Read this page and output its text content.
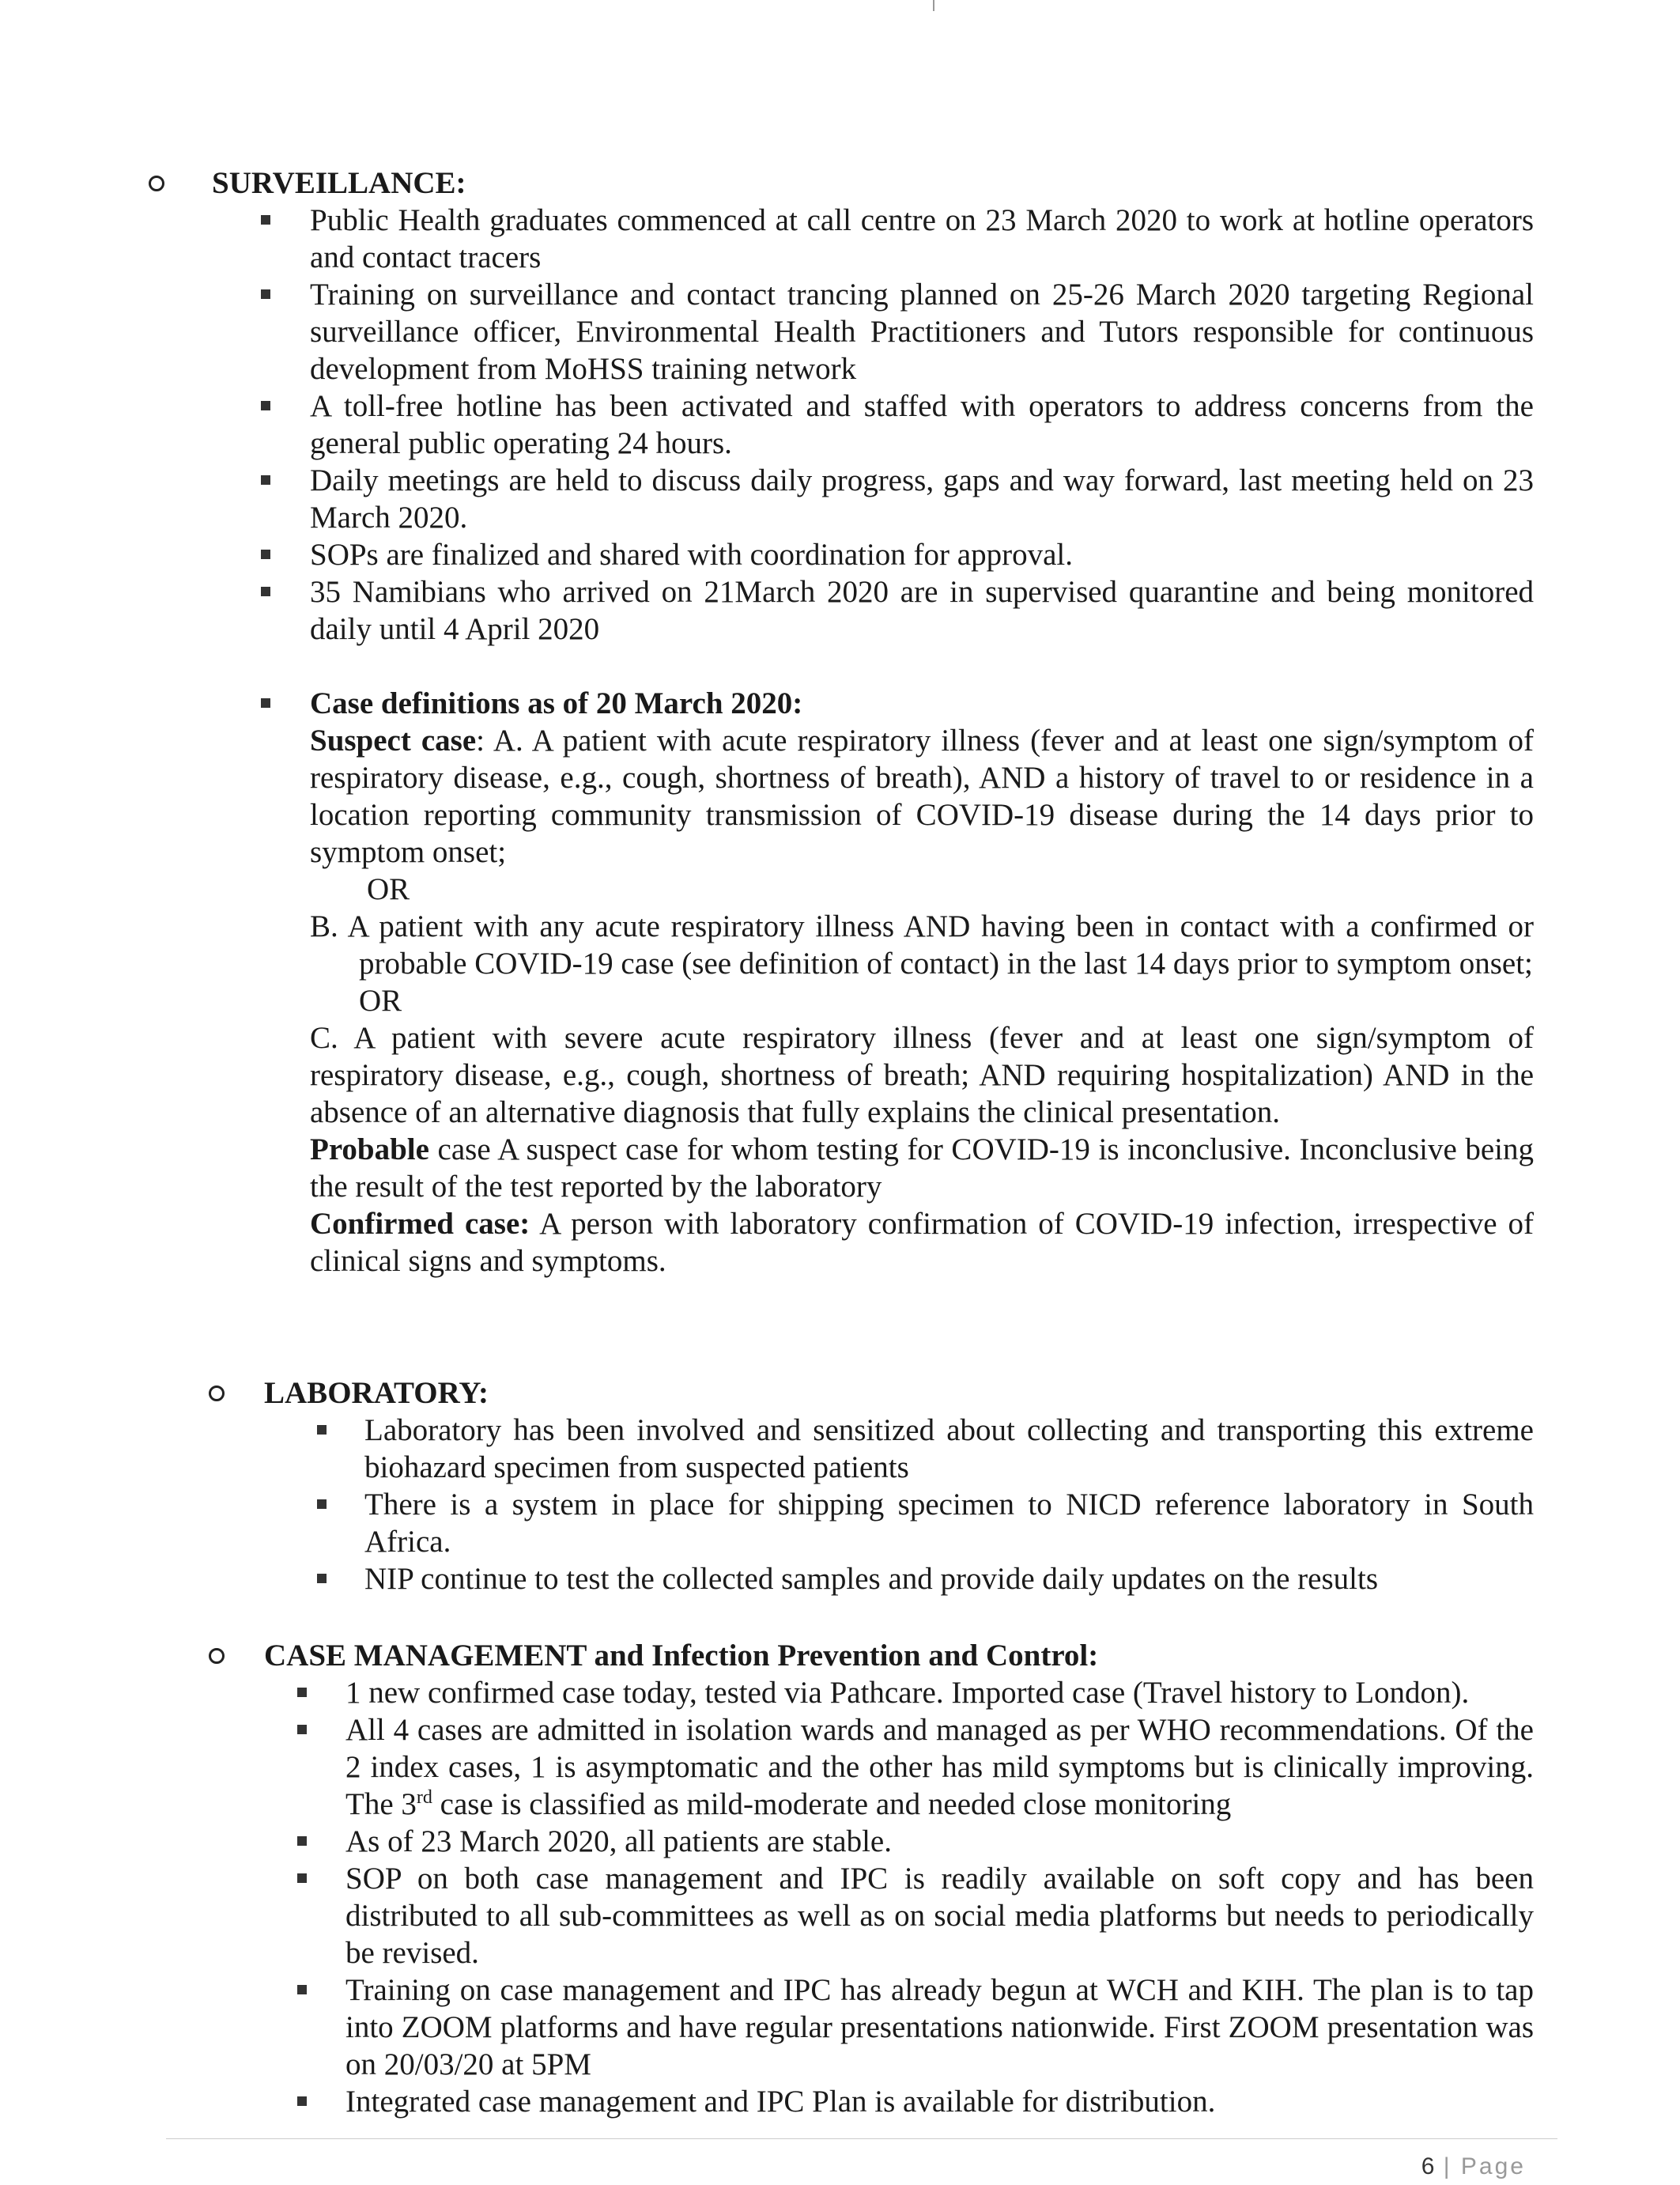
SURVEILLANCE:
Public Health graduates commenced at call centre on 23 March 2020 to work at hotline operators and contact tracers
Training on surveillance and contact trancing planned on 25-26 March 2020 targeting Regional surveillance officer, Environmental Health Practitioners and Tutors responsible for continuous development from MoHSS training network
A toll-free hotline has been activated and staffed with operators to address concerns from the general public operating 24 hours.
Daily meetings are held to discuss daily progress, gaps and way forward, last meeting held on 23 March 2020.
SOPs are finalized and shared with coordination for approval.
35 Namibians who arrived on 21March 2020 are in supervised quarantine and being monitored daily until 4 April 2020
Case definitions as of 20 March 2020:
Suspect case: A. A patient with acute respiratory illness (fever and at least one sign/symptom of respiratory disease, e.g., cough, shortness of breath), AND a history of travel to or residence in a location reporting community transmission of COVID-19 disease during the 14 days prior to symptom onset;
OR
B. A patient with any acute respiratory illness AND having been in contact with a confirmed or probable COVID-19 case (see definition of contact) in the last 14 days prior to symptom onset;
OR
C. A patient with severe acute respiratory illness (fever and at least one sign/symptom of respiratory disease, e.g., cough, shortness of breath; AND requiring hospitalization) AND in the absence of an alternative diagnosis that fully explains the clinical presentation.
Probable case A suspect case for whom testing for COVID-19 is inconclusive. Inconclusive being the result of the test reported by the laboratory
Confirmed case: A person with laboratory confirmation of COVID-19 infection, irrespective of clinical signs and symptoms.
LABORATORY:
Laboratory has been involved and sensitized about collecting and transporting this extreme biohazard specimen from suspected patients
There is a system in place for shipping specimen to NICD reference laboratory in South Africa.
NIP continue to test the collected samples and provide daily updates on the results
CASE MANAGEMENT and Infection Prevention and Control:
1 new confirmed case today, tested via Pathcare. Imported case (Travel history to London).
All 4 cases are admitted in isolation wards and managed as per WHO recommendations. Of the 2 index cases, 1 is asymptomatic and the other has mild symptoms but is clinically improving. The 3rd case is classified as mild-moderate and needed close monitoring
As of 23 March 2020, all patients are stable.
SOP on both case management and IPC is readily available on soft copy and has been distributed to all sub-committees as well as on social media platforms but needs to periodically be revised.
Training on case management and IPC has already begun at WCH and KIH. The plan is to tap into ZOOM platforms and have regular presentations nationwide. First ZOOM presentation was on 20/03/20 at 5PM
Integrated case management and IPC Plan is available for distribution.
6 | Page
